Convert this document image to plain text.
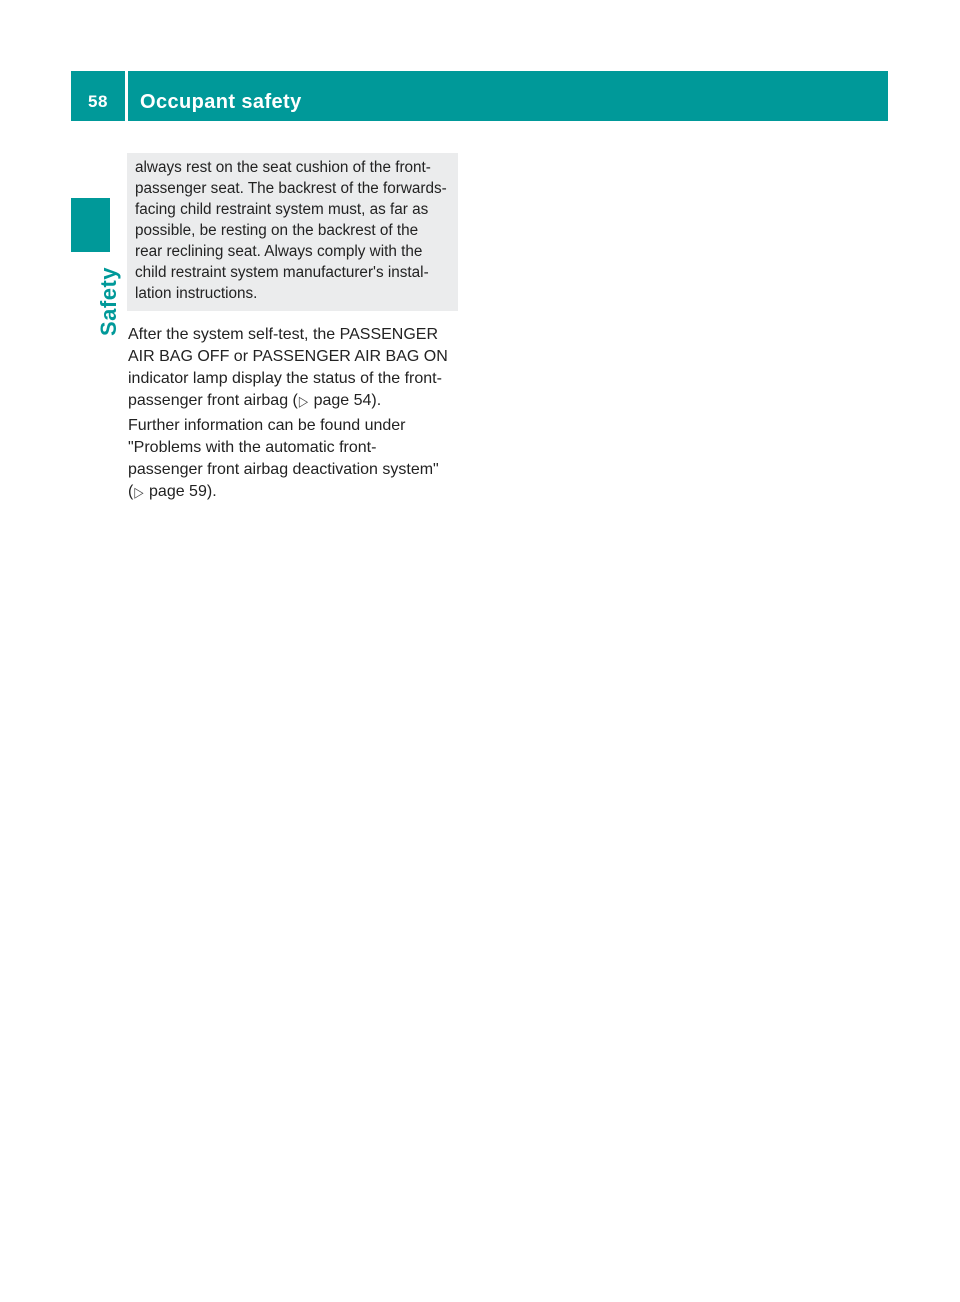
58	Occupant safety
Safety
always rest on the seat cushion of the front-
passenger seat. The backrest of the forwards-
facing child restraint system must, as far as
possible, be resting on the backrest of the
rear reclining seat. Always comply with the
child restraint system manufacturer's instal-
lation instructions.
After the system self-test, the PASSENGER
AIR BAG OFF or PASSENGER AIR BAG ON
indicator lamp display the status of the front-
passenger front airbag (▷ page 54).
Further information can be found under
"Problems with the automatic front-
passenger front airbag deactivation system"
(▷ page 59).
